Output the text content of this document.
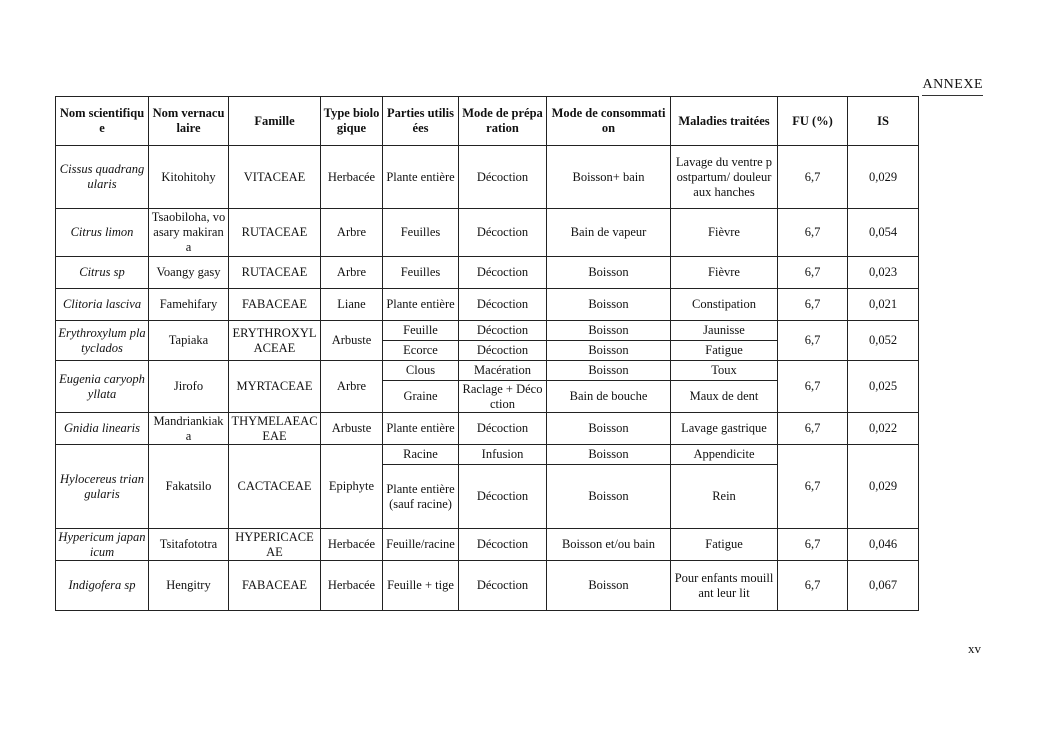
ANNEXE
Nom scientifique	Nom vernaculaire	Famille	Type biologique	Parties utilisées	Mode de préparation	Mode de consommation	Maladies traitées	FU (%)	IS
Cissus quadrangularis	Kitohitohy	VITACEAE	Herbacée	Plante entière	Décoction	Boisson+ bain	Lavage du ventre postpartum/ douleur aux hanches	6,7	0,029
Citrus limon	Tsaobiloha, voasary makirana	RUTACEAE	Arbre	Feuilles	Décoction	Bain de vapeur	Fièvre	6,7	0,054
Citrus sp	Voangy gasy	RUTACEAE	Arbre	Feuilles	Décoction	Boisson	Fièvre	6,7	0,023
Clitoria lasciva	Famehifary	FABACEAE	Liane	Plante entière	Décoction	Boisson	Constipation	6,7	0,021
Erythroxylum platyclados	Tapiaka	ERYTHROXYLACEAE	Arbuste	Feuille	Décoction	Boisson	Jaunisse	6,7	0,052
				Ecorce	Décoction	Boisson	Fatigue		
Eugenia caryophyllata	Jirofo	MYRTACEAE	Arbre	Clous	Macération	Boisson	Toux	6,7	0,025
				Graine	Raclage + Décoction	Bain de bouche	Maux de dent		
Gnidia linearis	Mandriankiaka	THYMELAEACEAE	Arbuste	Plante entière	Décoction	Boisson	Lavage gastrique	6,7	0,022
Hylocereus triangularis	Fakatsilo	CACTACEAE	Epiphyte	Racine	Infusion	Boisson	Appendicite	6,7	0,029
				Plante entière (sauf racine)	Décoction	Boisson	Rein		
Hypericum japanicum	Tsitafototra	HYPERICACEAE	Herbacée	Feuille/racine	Décoction	Boisson et/ou bain	Fatigue	6,7	0,046
Indigofera sp	Hengitry	FABACEAE	Herbacée	Feuille + tige	Décoction	Boisson	Pour enfants mouillant leur lit	6,7	0,067
xv
